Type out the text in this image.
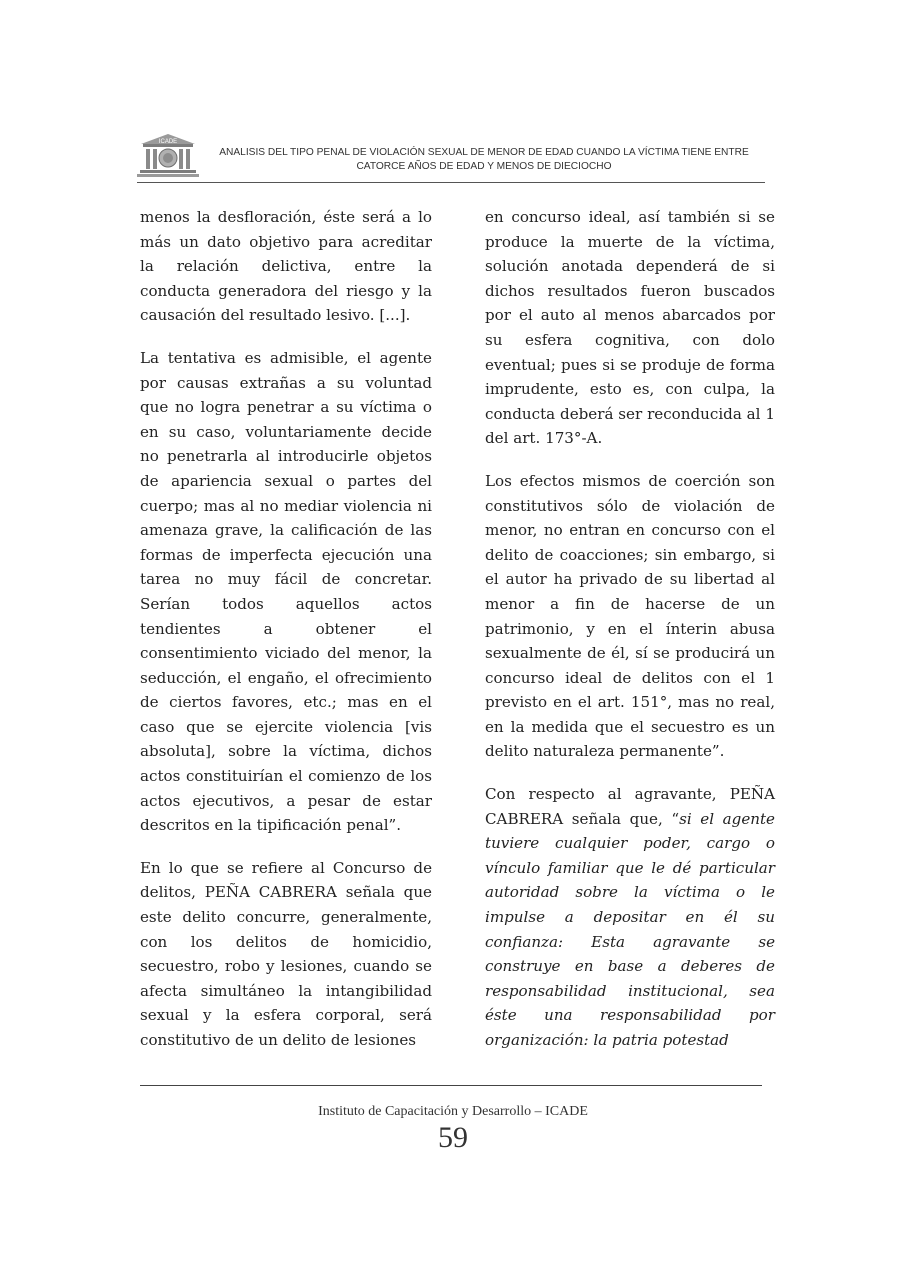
ICADE
ANALISIS DEL TIPO PENAL DE VIOLACIÓN SEXUAL DE MENOR DE EDAD CUANDO LA VÍCTIMA TIENE ENTRE
CATORCE AÑOS DE EDAD Y MENOS DE DIECIOCHO

menos la desfloración, éste será a lo más un dato objetivo para acreditar la relación delictiva, entre la conducta generadora del riesgo y la causación del resultado lesivo. [...].

La tentativa es admisible, el agente por causas extrañas a su voluntad que no logra penetrar a su víctima o en su caso, voluntariamente decide no penetrarla al introducirle objetos de apariencia sexual o partes del cuerpo; mas al no mediar violencia ni amenaza grave, la calificación de las formas de imperfecta ejecución una tarea no muy fácil de concretar. Serían todos aquellos actos tendientes a obtener el consentimiento viciado del menor, la seducción, el engaño, el ofrecimiento de ciertos favores, etc.; mas en el caso que se ejercite violencia [vis absoluta], sobre la víctima, dichos actos constituirían el comienzo de los actos ejecutivos, a pesar de estar descritos en la tipificación penal”.

En lo que se refiere al Concurso de delitos, PEÑA CABRERA señala que este delito concurre, generalmente, con los delitos de homicidio, secuestro, robo y lesiones, cuando se afecta simultáneo la intangibilidad sexual y la esfera corporal, será constitutivo de un delito de lesiones

en concurso ideal, así también si se produce la muerte de la víctima, solución anotada dependerá de si dichos resultados fueron buscados por el auto al menos abarcados por su esfera cognitiva, con dolo eventual; pues si se produje de forma imprudente, esto es, con culpa, la conducta deberá ser reconducida al 1 del art. 173°-A.

Los efectos mismos de coerción son constitutivos sólo de violación de menor, no entran en concurso con el delito de coacciones; sin embargo, si el autor ha privado de su libertad al menor a fin de hacerse de un patrimonio, y en el ínterin abusa sexualmente de él, sí se producirá un concurso ideal de delitos con el 1 previsto en el art. 151°, mas no real, en la medida que el secuestro es un delito naturaleza permanente”.

Con respecto al agravante, PEÑA CABRERA señala que, “si el agente tuviere cualquier poder, cargo o vínculo familiar que le dé particular autoridad sobre la víctima o le impulse a depositar en él su confianza: Esta agravante se construye en base a deberes de responsabilidad institucional, sea éste una responsabilidad por organización: la patria potestad

Instituto de Capacitación y Desarrollo – ICADE
59
